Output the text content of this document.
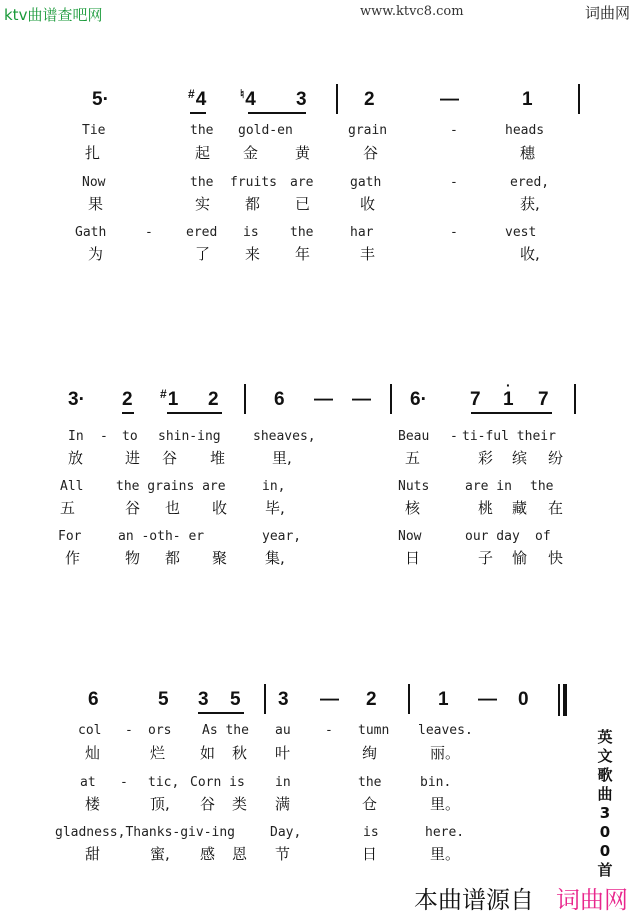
ktv曲谱查吧网	www.ktvc8.com	词曲网
5·	#4	♮4 3	2	—	1
Tie	the gold-en	grain	-	heads
扎	起 金 黄	谷	穗
Now	the fruits are	gath	-	ered,
果	实 都 已	收	获,
Gath	-	ered is the	har	-	vest
为	了 来 年	丰	收,
3· 2 #1 2	6 — — 6· 7 1
·
7
In - to shin-ing sheaves,	Beau - ti-ful their
放	进 谷 堆	里,	五	彩 缤 纷
All	the grains are	in,	Nuts	are in the
五	谷 也 收	毕,	核	桃 藏 在
For	an -oth- er	year,	Now	our day of
作	物 都 聚	集,	日	子 愉 快
6	5 3 5 3 — 2	1 — 0
col - ors As the au	- tumn leaves.
灿	烂 如 秋 叶	绚	丽。
at - tic, Corn is in	the	bin.
楼	顶, 谷 类 满	仓	里。
gladness,Thanks-giv-ing	Day,	is	here.
甜	蜜, 感 恩 节	日	里。
英文歌曲300首
本曲谱源自 词曲网
